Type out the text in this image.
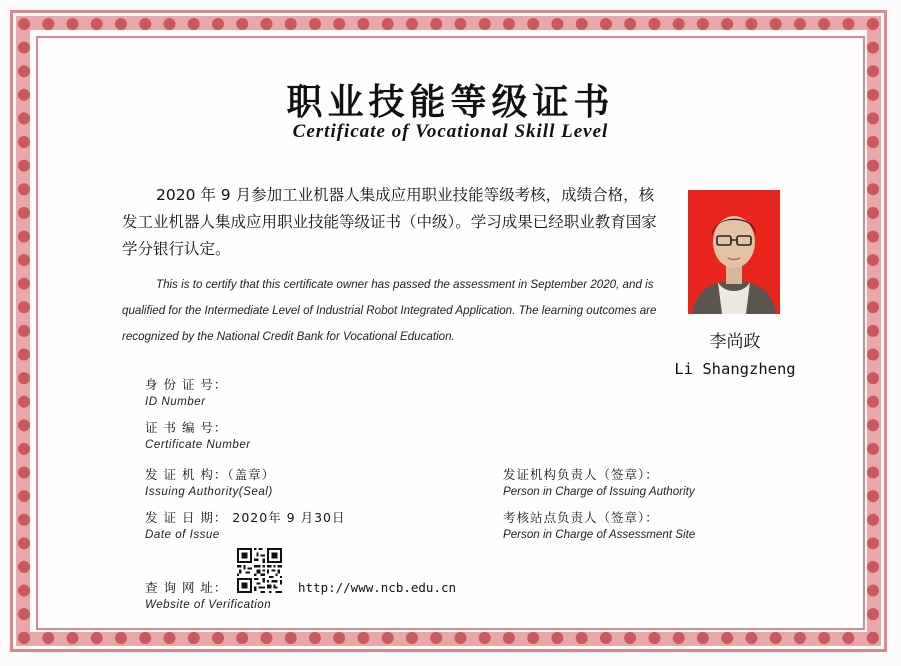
职业技能等级证书
Certificate of Vocational Skill Level
2020 年 9 月参加工业机器人集成应用职业技能等级考核，成绩合格，核发工业机器人集成应用职业技能等级证书（中级）。学习成果已经职业教育国家学分银行认定。
This is to certify that this certificate owner has passed the assessment in September 2020, and is qualified for the Intermediate Level of Industrial Robot Integrated Application. The learning outcomes are recognized by the National Credit Bank for Vocational Education.	李尚政
Li Shangzheng
身 份 证 号：
ID Number
证 书 编 号：
Certificate Number
发 证 机 构：（盖章）
Issuing Authority(Seal)
发 证 日 期： 2020年 9 月30日
Date of Issue
查 询 网 址：
Website of Verification
http://www.ncb.edu.cn
发证机构负责人（签章）：
Person in Charge of Issuing Authority
考核站点负责人（签章）：
Person in Charge of Assessment Site
